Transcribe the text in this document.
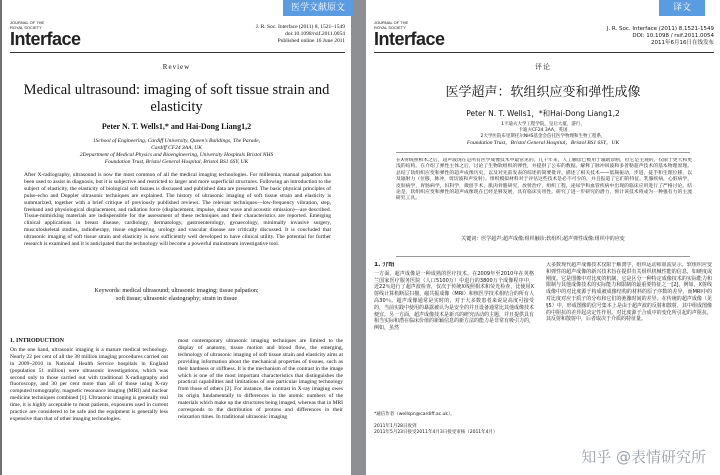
JOURNAL OF THE ROYAL SOCIETY
Interface
J. R. Soc. Interface (2011) 8, 1521–1549
doi:10.1098/rsif.2011.0054
Published online 16 June 2011
Review
Medical ultrasound: imaging of soft tissue strain and elasticity
Peter N. T. Wells1,* and Hai-Dong Liang1,2
1School of Engineering, Cardiff University, Queen's Buildings, The Parade,
Cardiff CF24 3AA, UK
2Department of Medical Physics and Bioengineering, University Hospitals Bristol NHS
Foundation Trust, Bristol General Hospital, Bristol BS1 6SY, UK
After X-radiography, ultrasound is now the most common of all the medical imaging technologies. For millennia, manual palpation has been used to assist in diagnosis, but it is subjective and restricted to larger and more superficial structures. Following an introduction to the subject of elasticity, the elasticity of biological soft tissues is discussed and published data are presented. The basic physical principles of pulse-echo and Doppler ultrasonic techniques are explained. The history of ultrasonic imaging of soft tissue strain and elasticity is summarized, together with a brief critique of previously published reviews. The relevant techniques—low-frequency vibration, step, freehand and physiological displacement, and radiation force (displacement, impulse, shear wave and acoustic emission)—are described. Tissue-mimicking materials are indispensible for the assessment of these techniques and their characteristics are reported. Emerging clinical applications in breast disease, cardiology, dermatology, gastroenterology, gynaecology, minimally invasive surgery, musculoskeletal studies, radiotherapy, tissue engineering, urology and vascular disease are critically discussed. It is concluded that ultrasonic imaging of soft tissue strain and elasticity is now sufficiently well developed to have clinical utility. The potential for further research is examined and it is anticipated that the technology will become a powerful mainstream investigative tool.
Keywords: medical ultrasound; ultrasonic imaging; tissue palpation;
soft tissue; ultrasonic elastography; strain in tissue
1. INTRODUCTION
On the one hand, ultrasonic imaging is a mature medical technology. Nearly 22 per cent of all the 38 million imaging procedures carried out in 2009–2010 in National Health Service hospitals in England (population 51 million) were ultrasonic investigations, which was second only to those carried out with traditional X-radiography and fluoroscopy, and 30 per cent more than all of those using X-ray computed tomography, magnetic resonance imaging (MRI) and nuclear medicine techniques combined [1]. Ultrasonic imaging is generally real time, it is highly acceptable to most patients, exposures used in current practice are considered to be safe and the equipment is generally less expensive than that of other imaging technologies.
most contemporary ultrasonic imaging techniques are limited to the display of anatomy, tissue motion and blood flow, the emerging, technology of ultrasonic imaging of soft tissue strain and elasticity aims at providing information about the mechanical properties of tissues, such as their hardness or stiffness. It is the mechanism of the contrast in the image which is one of the most important characteristics that distinguishes the practical capabilities and limitations of one particular imaging technology from those of others [2]. For instance, the contrast in X-ray imaging owes its origin fundamentally to differences in the atomic numbers of the materials which make up the structures being imaged, whereas that in MRI corresponds to the distribution of protons and differences in their relaxation times. In traditional ultrasonic imaging
医学文献原文
JOURNAL OF THE ROYAL SOCIETY
Interface	J. R. Soc. Interface (2011) 8,1521-1549
DOI: 10.1098 / rsif.2011.0054
2011年6月16日在线发布
评论
医学超声：软组织应变和弹性成像
Peter N. T. Wells1，*和Hai-Dong Liang1,2
1卡迪夫大学工程学院，皇后大厦，游行，
卡迪夫CF24 3AA，英国
2大学医院布里斯托尔NHS基金会信托医学物理和生物工程系，
Foundation Trust，Bristol General Hospital，Bristol BS1 6SY，UK
在X射线照相术之后，超声波现在是所有医学成像技术中最常见的。几千年来，人工触诊已被用于辅助诊断，但它是主观的，仅限于更大和更浅的结构。在介绍了弹性主体之后，讨论了生物软组织的弹性，并提供了公布的数据。解释了脉冲回波和多普勒超声技术的基本物理原理。总结了软组织应变和弹性的超声成像历史，以及对先前发表的综述的简要批评。描述了相关技术——低频振动，步进，徒手和生理位移，以及辐射力（位移，脉冲，剪切波和声发射）。组织模拟材料对于评估这些技术是必不可少的，并且报道了它们的特征。乳腺疾病，心脏病学，皮肤病学，胃肠病学，妇科学，微创手术，肌肉骨骼研究，放射治疗，组织工程，泌尿学和血管疾病中出现的临床应用进行了严格讨论。结论是，软组织应变和弹性的超声成像现在已经足够发展，具有临床实用性。研究了进一步研究的潜力，预计该技术将成为一种强有力的主流研究工具。
关键词：医学超声;超声成像;组织触诊;软组织;超声弹性成像;组织中的应变
1. 介绍
一方面，超声成像是一种成熟的医疗技术。在2009年至2010年在英格兰国家医疗服务医院（人口5100万）中进行的3800万个成像程序中，近22％进行了超声波检查，仅次于传统X线照相术和荧光检查，比使用X射线计算机断层扫描，磁共振成像（MRI）和核医学技术相结合的所有人高30％。超声成像通常是实时的，对于大多数患者来说是高度可接受的，当前实践中使用的暴露被认为是安全的并且设备通常比其他成像技术便宜。另一方面，超声成像技术是新兴的研究活动的主题，并且提供具有相当实际和潜在临床价值的新颖信息的新方法的能力是非常有吸引力的，例如，虽然
*通信作者（wellspn@cardiff.ac.uk）。

2011年1月28日收到
2011年5月23日接受2011年4月3日接受审核（2011年4月）
大多数现代超声成像技术仅限于解剖学，组织运动和血流显示，软组织应变和弹性的超声成像的新兴技术旨在提供有关组织机械性能的信息，如硬度或刚度。它是图像中对比度的机制，它是区分一种特定成像技术的实际能力和限制与其他成像技术的实际能力和限制的最重要特征之一[2]。例如，X射线成像中的对比度源于构成被成像结构的材料的原子序数的差异，而MRI中的对比度对应于质子的分布和它们的弛豫时间的差异。在传统的超声成像（见§5）中，形成图像的信号集本上是由于超声波的反射和散射，其中组成图像的中阻抗的差异起决定性作用。对比度源于合成中的变化所引起的声阻抗，其反射和散射中，后者取决于介质的特征量。
译文
知乎 @表情研究所
